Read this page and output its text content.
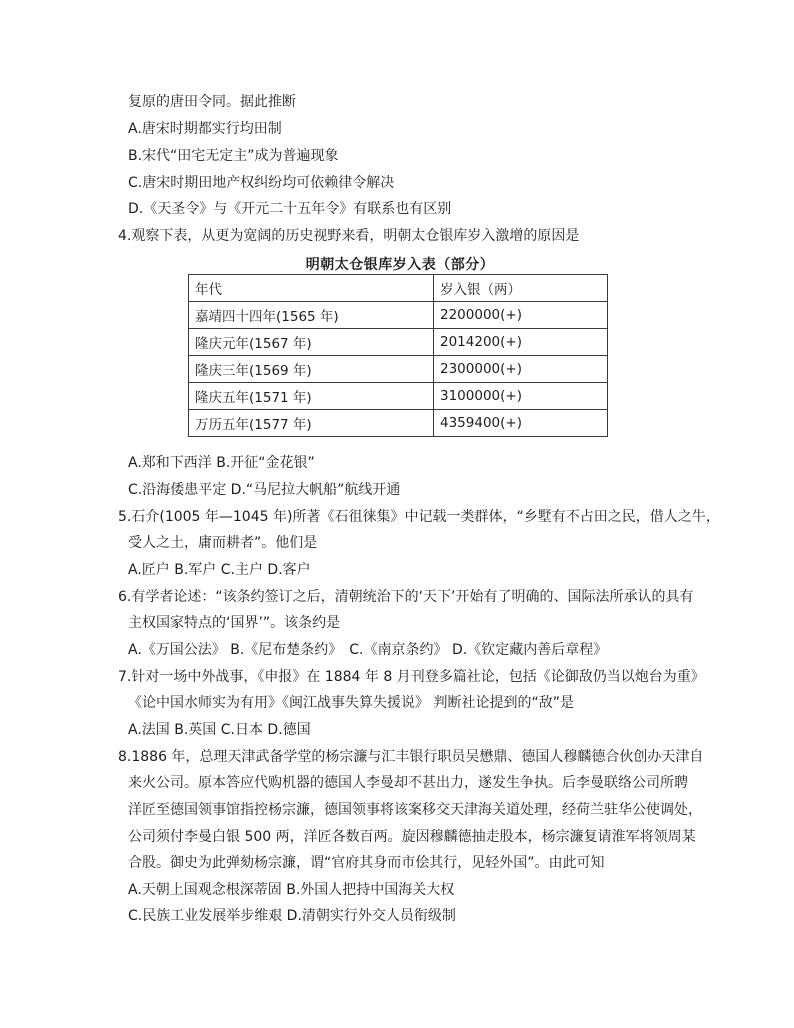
复原的唐田令同。据此推断
A.唐宋时期都实行均田制
B.宋代“田宅无定主”成为普遍现象
C.唐宋时期田地产权纠纷均可依赖律令解决
D.《天圣令》与《开元二十五年令》有联系也有区别
4.观察下表，从更为宽阔的历史视野来看，明朝太仓银库岁入激增的原因是
明朝太仓银库岁入表（部分）
年代	岁入银（两）
嘉靖四十四年(1565 年)	2200000(+)
隆庆元年(1567 年)	2014200(+)
隆庆三年(1569 年)	2300000(+)
隆庆五年(1571 年)	3100000(+)
万历五年(1577 年)	4359400(+)
A.郑和下西洋 B.开征“金花银”
C.沿海倭患平定 D.“马尼拉大帆船”航线开通
5.石介(1005 年—1045 年)所著《石徂徕集》中记载一类群体，“乡墅有不占田之民，借人之牛，
受人之土，庸而耕者”。他们是
A.匠户 B.军户 C.主户 D.客户
6.有学者论述：“该条约签订之后，清朝统治下的‘天下’开始有了明确的、国际法所承认的具有
主权国家特点的‘国界’”。该条约是
A.《万国公法》 B.《尼布楚条约》　C.《南京条约》 D.《钦定藏内善后章程》
7.针对一场中外战事，《申报》在 1884 年 8 月刊登多篇社论，包括《论御敌仍当以炮台为重》
《论中国水师实为有用》《闽江战事失算失援说》 判断社论提到的“敌”是
A.法国 B.英国 C.日本 D.德国
8.1886 年，总理天津武备学堂的杨宗濂与汇丰银行职员吴懋鼎、德国人穆麟德合伙创办天津自
来火公司。原本答应代购机器的德国人李曼却不甚出力，遂发生争执。后李曼联络公司所聘
洋匠至德国领事馆指控杨宗濂，德国领事将该案移交天津海关道处理，经荷兰驻华公使调处，
公司须付李曼白银 500 两，洋匠各数百两。旋因穆麟德抽走股本，杨宗濂复请淮军将领周某
合股。御史为此弹劾杨宗濂，谓“官府其身而市侩其行，见轻外国”。由此可知
A.天朝上国观念根深蒂固 B.外国人把持中国海关大权
C.民族工业发展举步维艰 D.清朝实行外交人员衔级制
